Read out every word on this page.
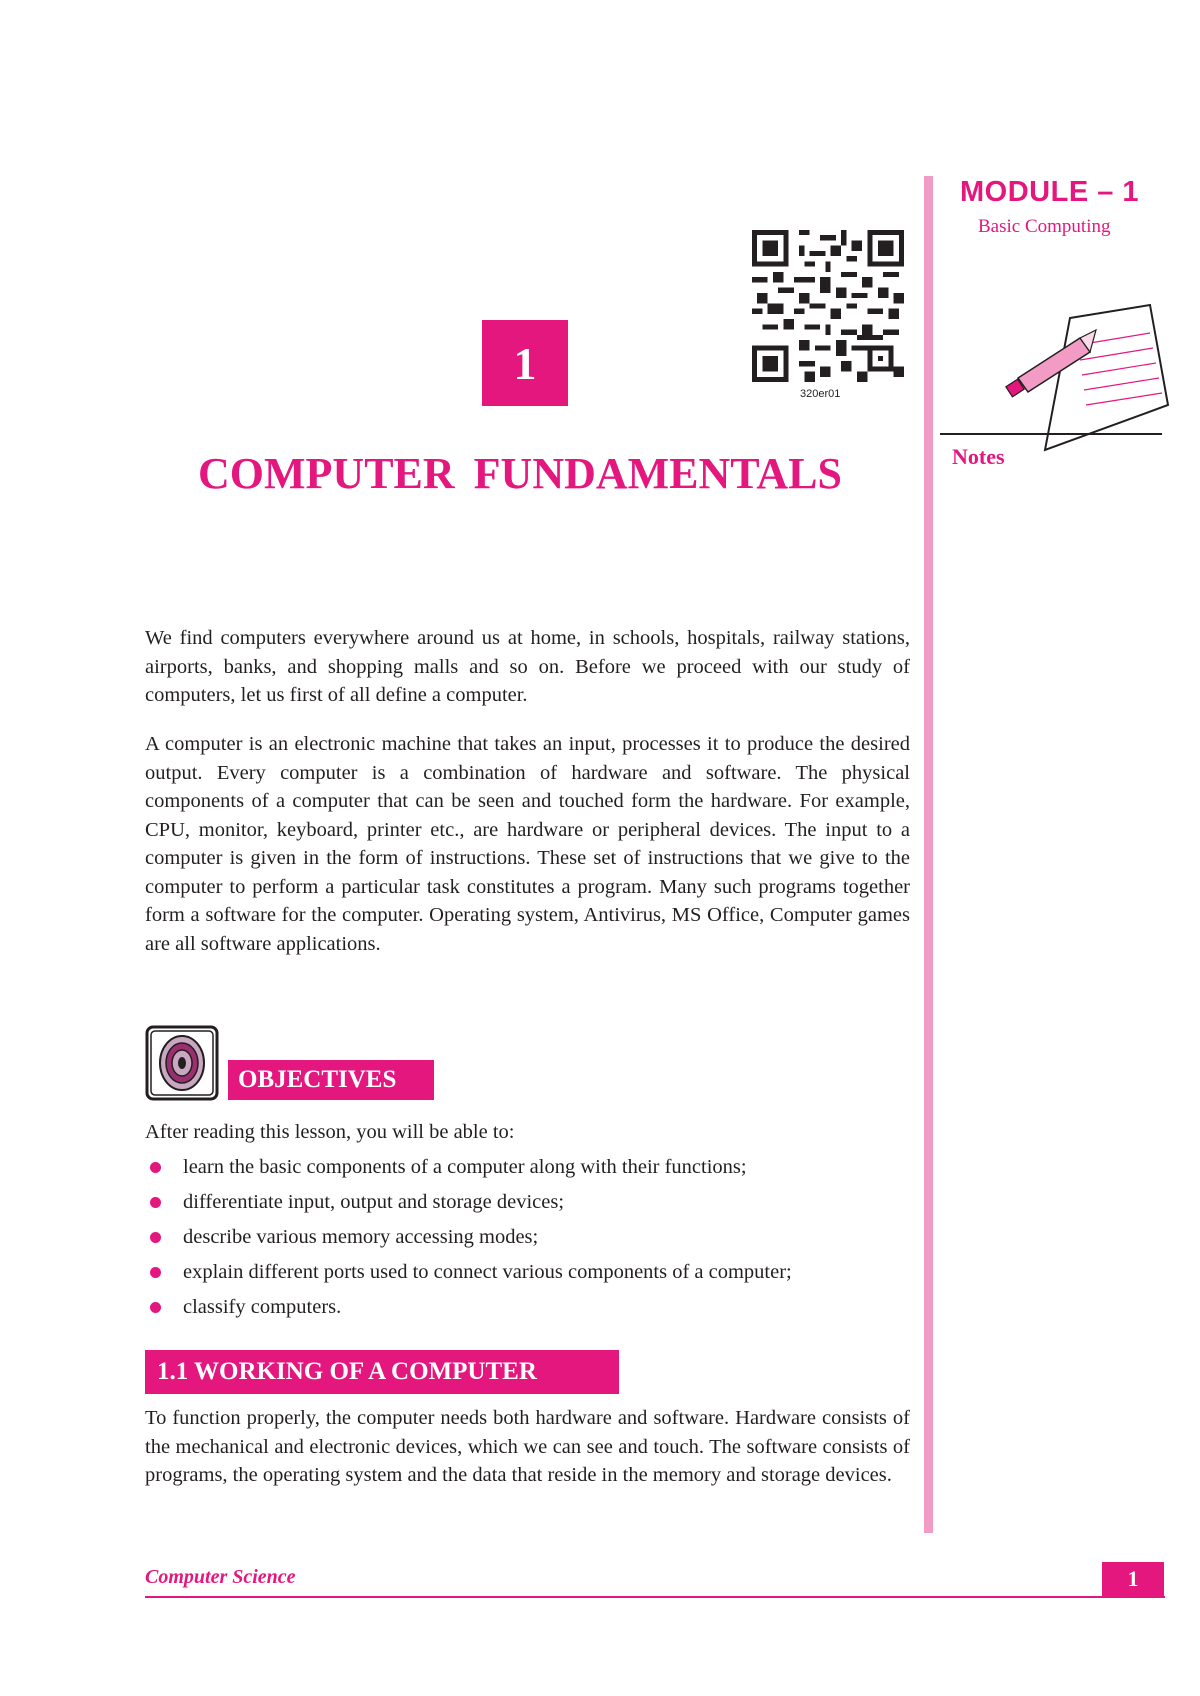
MODULE – 1
Basic Computing
Notes
1
320er01
COMPUTER FUNDAMENTALS

We find computers everywhere around us at home, in schools, hospitals, railway stations, airports, banks, and shopping malls and so on. Before we proceed with our study of computers, let us first of all define a computer.

A computer is an electronic machine that takes an input, processes it to produce the desired output. Every computer is a combination of hardware and software. The physical components of a computer that can be seen and touched form the hardware. For example, CPU, monitor, keyboard, printer etc., are hardware or peripheral devices. The input to a computer is given in the form of instructions. These set of instructions that we give to the computer to perform a particular task constitutes a program. Many such programs together form a software for the computer. Operating system, Antivirus, MS Office, Computer games are all software applications.

OBJECTIVES

After reading this lesson, you will be able to:

learn the basic components of a computer along with their functions;
differentiate input, output and storage devices;
describe various memory accessing modes;
explain different ports used to connect various components of a computer;
classify computers.
1.1 WORKING OF A COMPUTER

To function properly, the computer needs both hardware and software. Hardware consists of the mechanical and electronic devices, which we can see and touch. The software consists of programs, the operating system and the data that reside in the memory and storage devices.

Computer Science	1
